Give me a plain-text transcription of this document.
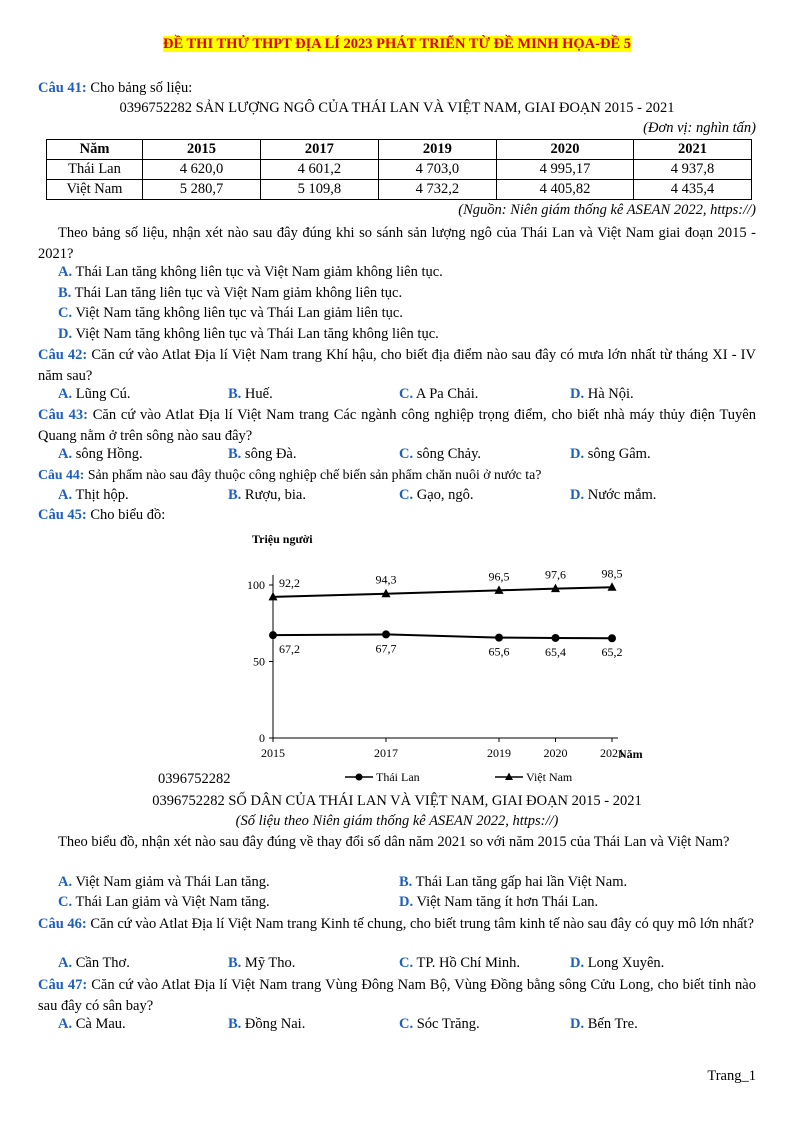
ĐỀ THI THỬ THPT ĐỊA LÍ 2023 PHÁT TRIỂN TỪ ĐỀ MINH HỌA-ĐỀ 5
Câu 41: Cho bảng số liệu:
0396752282 SẢN LƯỢNG NGÔ CỦA THÁI LAN VÀ VIỆT NAM, GIAI ĐOẠN 2015 - 2021
(Đơn vị: nghìn tấn)
Năm	2015	2017	2019	2020	2021
Thái Lan	4 620,0	4 601,2	4 703,0	4 995,17	4 937,8
Việt Nam	5 280,7	5 109,8	4 732,2	4 405,82	4 435,4
(Nguồn: Niên giám thống kê ASEAN 2022, https://)
Theo bảng số liệu, nhận xét nào sau đây đúng khi so sánh sản lượng ngô của Thái Lan và Việt Nam giai đoạn 2015 - 2021?
A. Thái Lan tăng không liên tục và Việt Nam giảm không liên tục.
B. Thái Lan tăng liên tục và Việt Nam giảm không liên tục.
C. Việt Nam tăng không liên tục và Thái Lan giảm liên tục.
D. Việt Nam tăng không liên tục và Thái Lan tăng không liên tục.
Câu 42: Căn cứ vào Atlat Địa lí Việt Nam trang Khí hậu, cho biết địa điểm nào sau đây có mưa lớn nhất từ tháng XI - IV năm sau?
A. Lũng Cú.	B. Huế.	C. A Pa Chải.	D. Hà Nội.
Câu 43: Căn cứ vào Atlat Địa lí Việt Nam trang Các ngành công nghiệp trọng điểm, cho biết nhà máy thủy điện Tuyên Quang nằm ở trên sông nào sau đây?
A. sông Hồng.	B. sông Đà.	C. sông Chảy.	D. sông Gâm.
Câu 44: Sản phẩm nào sau đây thuộc công nghiệp chế biến sản phẩm chăn nuôi ở nước ta?
A. Thịt hộp.	B. Rượu, bia.	C. Gạo, ngô.	D. Nước mắm.
Câu 45: Cho biểu đồ:
Triệu người
Năm
0
50
100
2015	2017	2019	2020	2021
67,2	67,7	65,6	65,4	65,2
92,2	94,3	96,5	97,6	98,5
Thái Lan	Việt Nam
0396752282
0396752282 SỐ DÂN CỦA THÁI LAN VÀ VIỆT NAM, GIAI ĐOẠN 2015 - 2021
(Số liệu theo Niên giám thống kê ASEAN 2022, https://)
Theo biểu đồ, nhận xét nào sau đây đúng về thay đổi số dân năm 2021 so với năm 2015 của Thái Lan và Việt Nam?
A. Việt Nam giảm và Thái Lan tăng.	B. Thái Lan tăng gấp hai lần Việt Nam.
C. Thái Lan giảm và Việt Nam tăng.	D. Việt Nam tăng ít hơn Thái Lan.
Câu 46: Căn cứ vào Atlat Địa lí Việt Nam trang Kinh tế chung, cho biết trung tâm kinh tế nào sau đây có quy mô lớn nhất?
A. Cần Thơ.	B. Mỹ Tho.	C. TP. Hồ Chí Minh.	D. Long Xuyên.
Câu 47: Căn cứ vào Atlat Địa lí Việt Nam trang Vùng Đông Nam Bộ, Vùng Đồng bằng sông Cửu Long, cho biết tỉnh nào sau đây có sân bay?
A. Cà Mau.	B. Đồng Nai.	C. Sóc Trăng.	D. Bến Tre.
Trang_1
